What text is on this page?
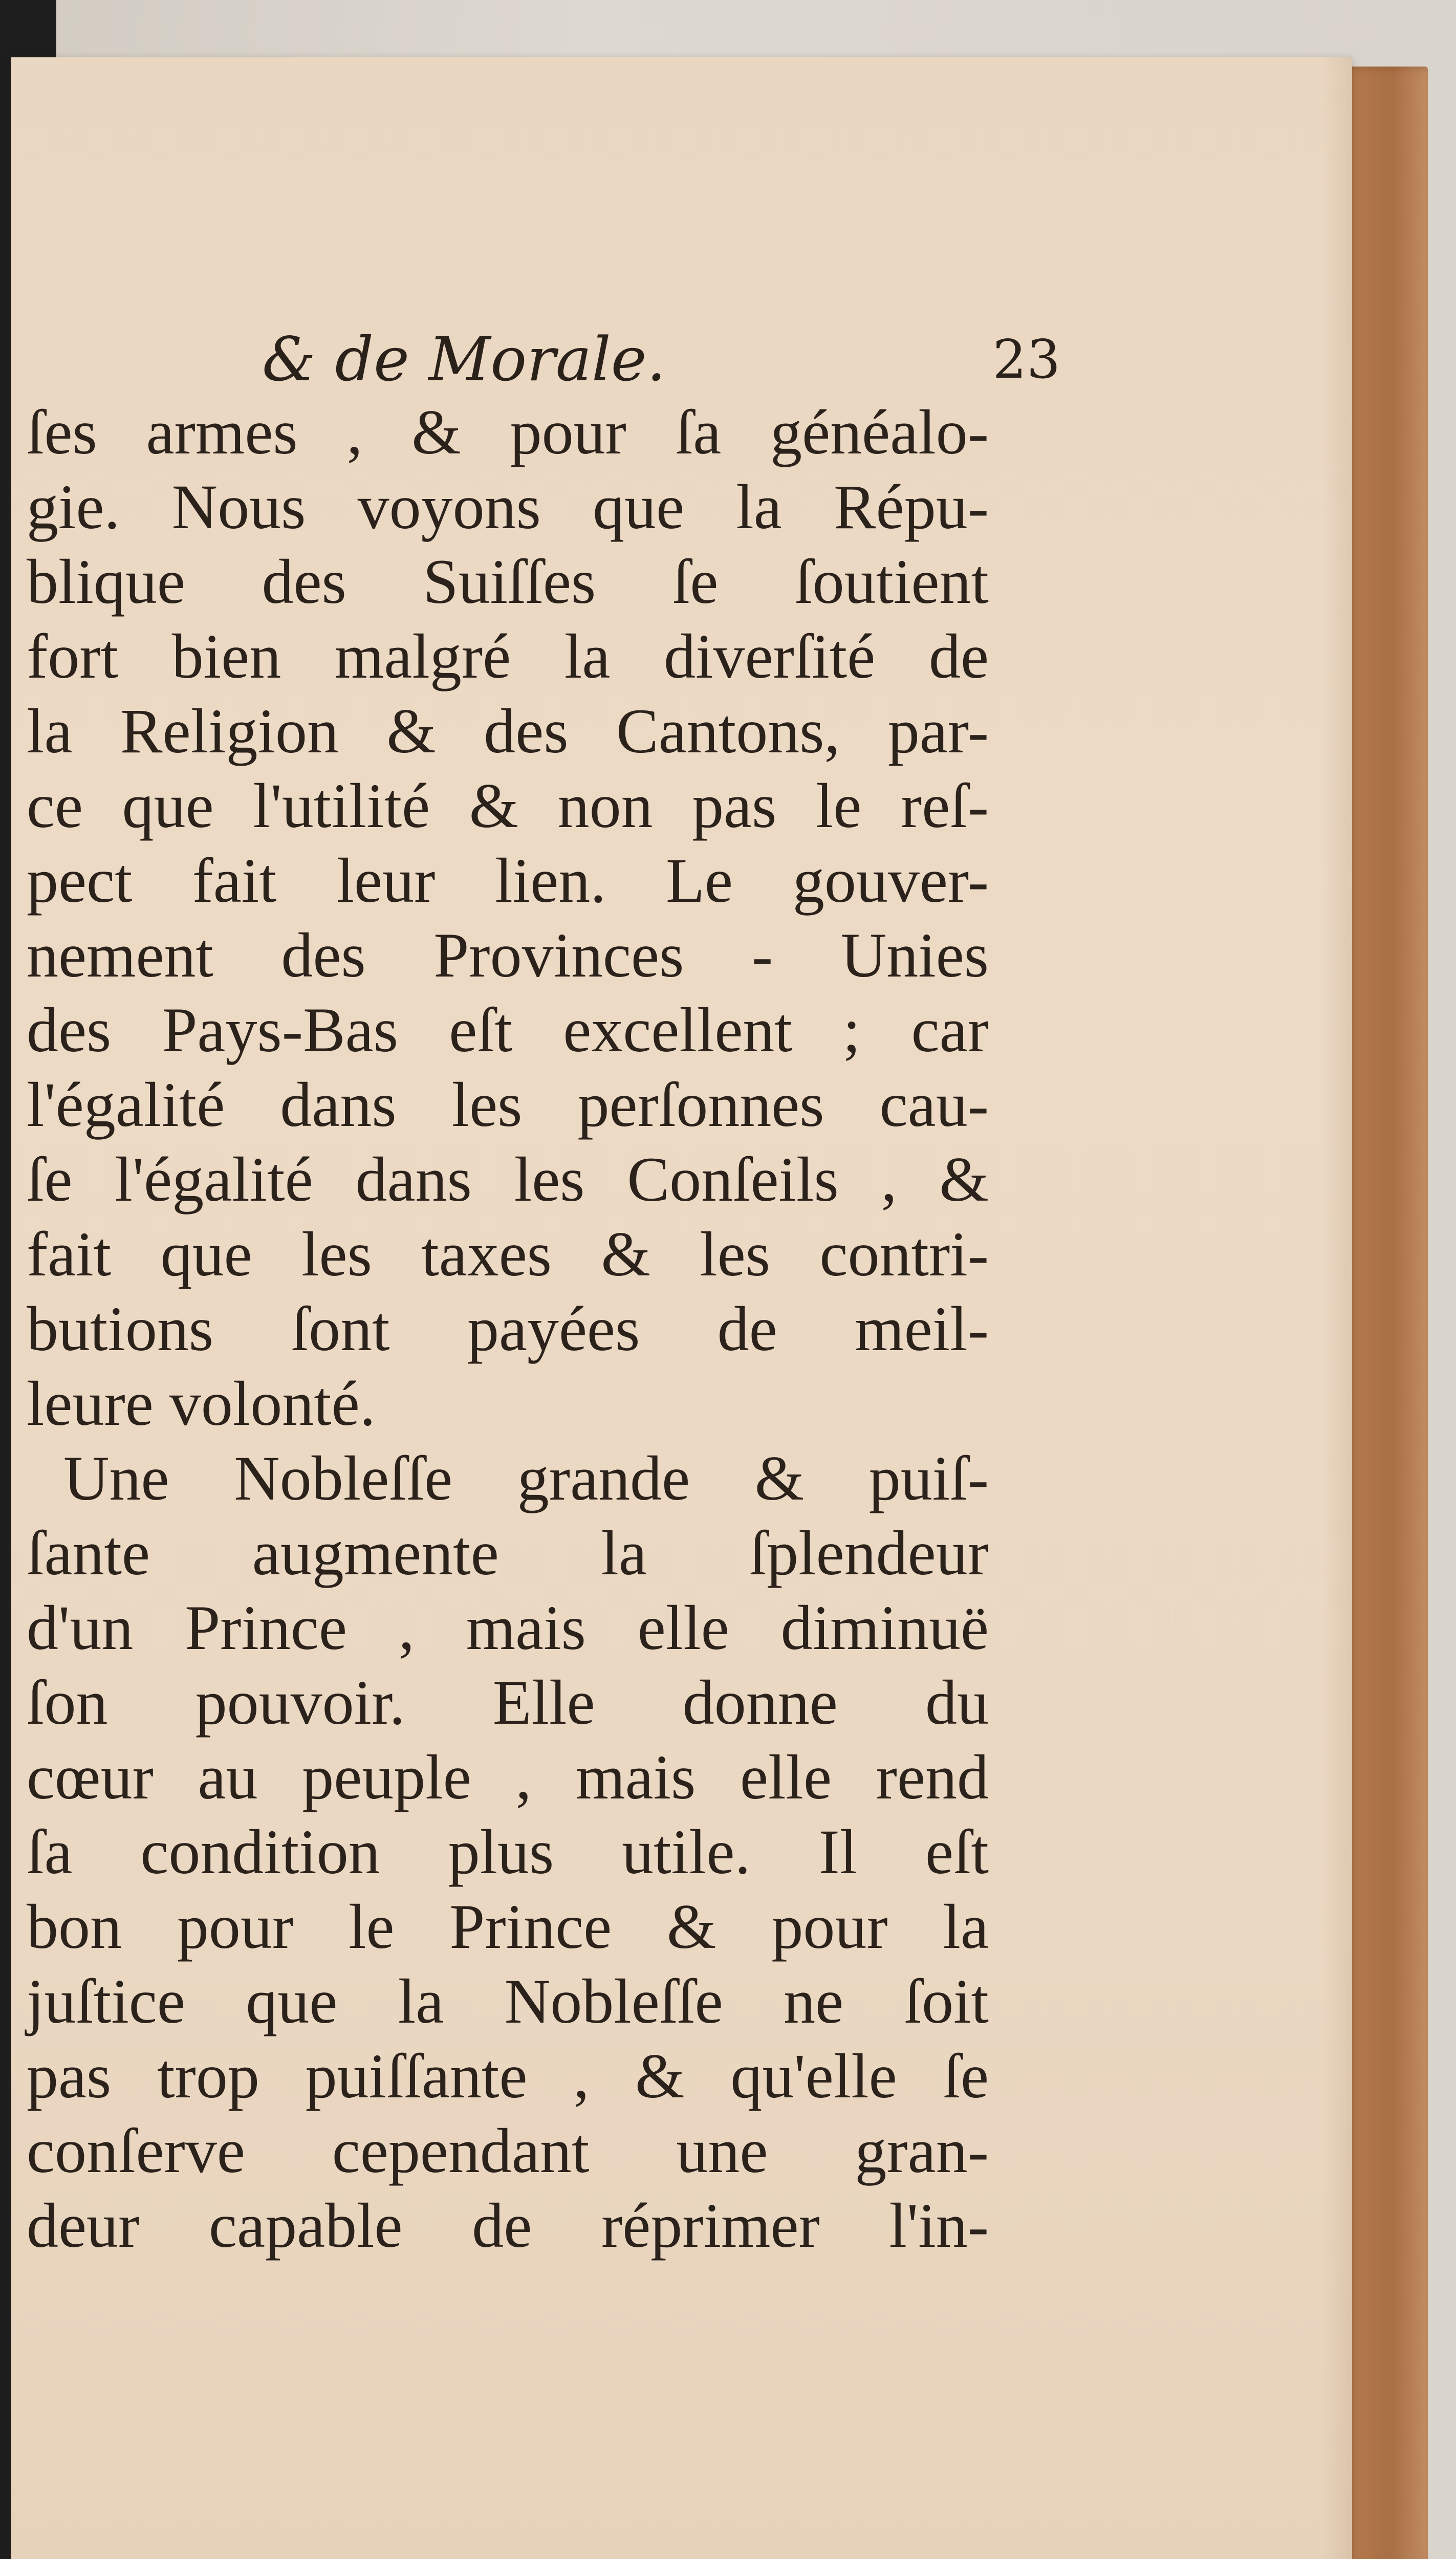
& de Morale.	23
ſes armes , & pour ſa généalo-
gie. Nous voyons que la Répu-
blique des Suiſſes ſe ſoutient
fort bien malgré la diverſité de
la Religion & des Cantons, par-
ce que l'utilité & non pas le reſ-
pect fait leur lien. Le gouver-
nement des Provinces - Unies
des Pays-Bas eſt excellent ; car
l'égalité dans les perſonnes cau-
ſe l'égalité dans les Conſeils , &
fait que les taxes & les contri-
butions ſont payées de meil-
leure volonté.
Une Nobleſſe grande & puiſ-
ſante augmente la ſplendeur
d'un Prince , mais elle diminuë
ſon pouvoir. Elle donne du
cœur au peuple , mais elle rend
ſa condition plus utile. Il eſt
bon pour le Prince & pour la
juſtice que la Nobleſſe ne ſoit
pas trop puiſſante , & qu'elle ſe
conſerve cependant une gran-
deur capable de réprimer l'in-
